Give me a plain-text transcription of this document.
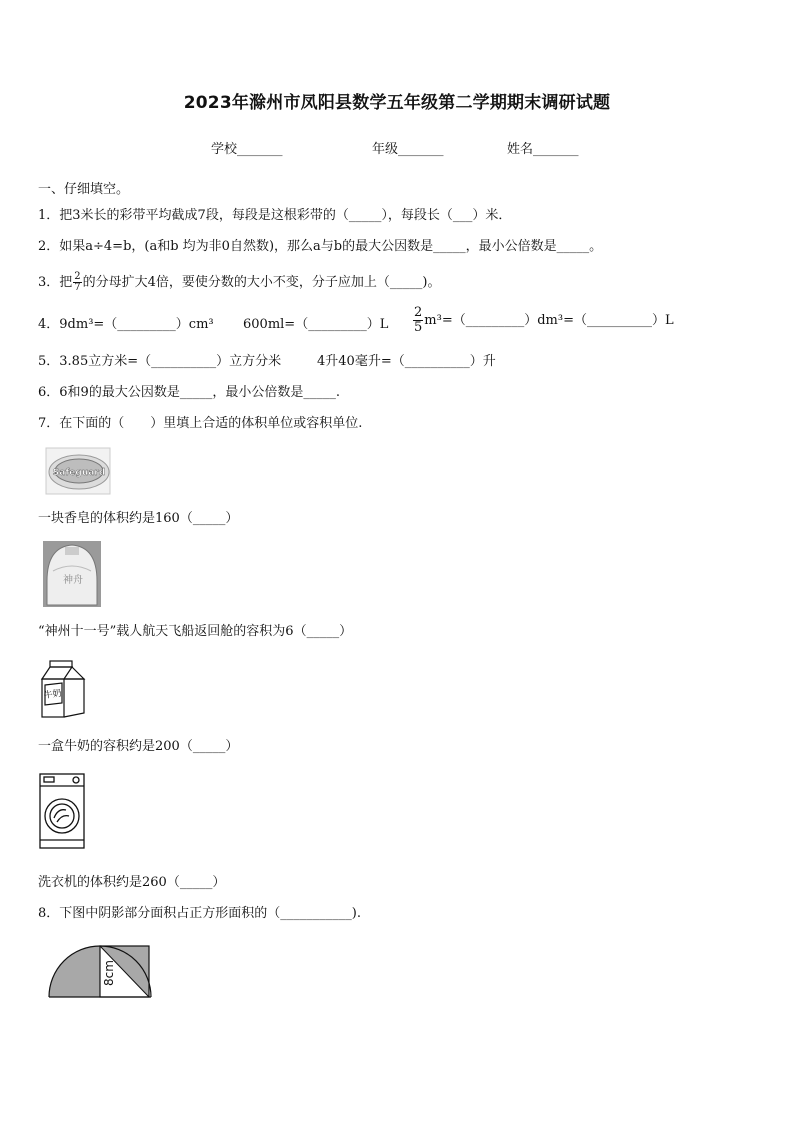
2023年滁州市凤阳县数学五年级第二学期期末调研试题
学校_______	年级_______	姓名_______
一、仔细填空。
1．把3米长的彩带平均截成7段，每段是这根彩带的（_____），每段长（___）米．
2．如果a÷4=b，(a和b 均为非0自然数)，那么a与b的最大公因数是_____，最小公倍数是_____。
3．把 $\frac{2}{7}$ 的分母扩大4倍，要使分数的大小不变，分子应加上（_____)。
4．9dm³=（_________）cm³ 600ml=（_________）L $\frac{2}{5}$ m³=（_________）dm³=（__________）L
5．3.85立方米=（__________）立方分米	4升40毫升=（__________）升
6．6和9的最大公因数是_____，最小公倍数是_____.
7．在下面的（　　）里填上合适的体积单位或容积单位.
Safeguard
一块香皂的体积约是160（_____）
神舟
“神州十一号”载人航天飞船返回舱的容积为6（_____）
牛奶
一盒牛奶的容积约是200（_____）
洗衣机的体积约是260（_____）
8．下图中阴影部分面积占正方形面积的（___________).
8cm
